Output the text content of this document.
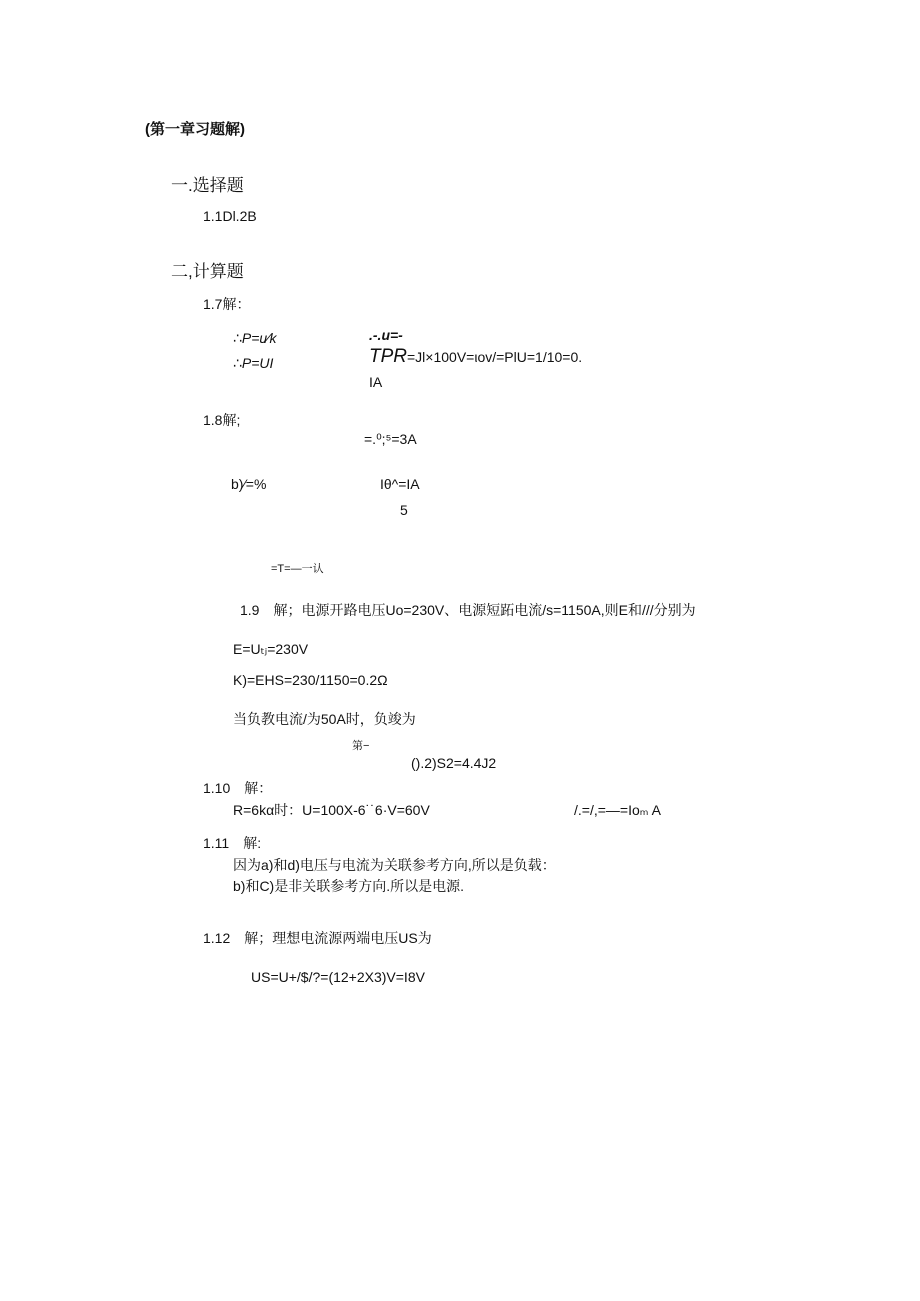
(第一章习题解)
一.选择题
1.1Dl.2B
二,计算题
1.7解：
∴P=u⁄k
∴P=UI
.-.u=-
TPR=Jl×100V=ιov/=PlU=1/10=0.
IA
1.8解;
=.⁰;⁵=3A
b)⁄=%	Iθ^=IA
5
=T=—一认
1.9　解；电源开路电压Uo=230V、电源短跖电流/s=1150A,则E和///分别为
E=Uₜⱼ=230V
K)=EHS=230/1150=0.2Ω
当负教电流/为50A时，负竣为
第−
().2)S2=4.4J2
1.10　解：
R=6kα时：U=100X-6˙˙6·V=60V	/.=/,=—=Ioₘ A
1.11　解:
因为a)和d)电压与电流为关联参考方向,所以是负载：
b)和C)是非关联参考方向.所以是电源.
1.12　解；理想电流源两端电压US为
US=U+/$/?=(12+2X3)V=I8V
